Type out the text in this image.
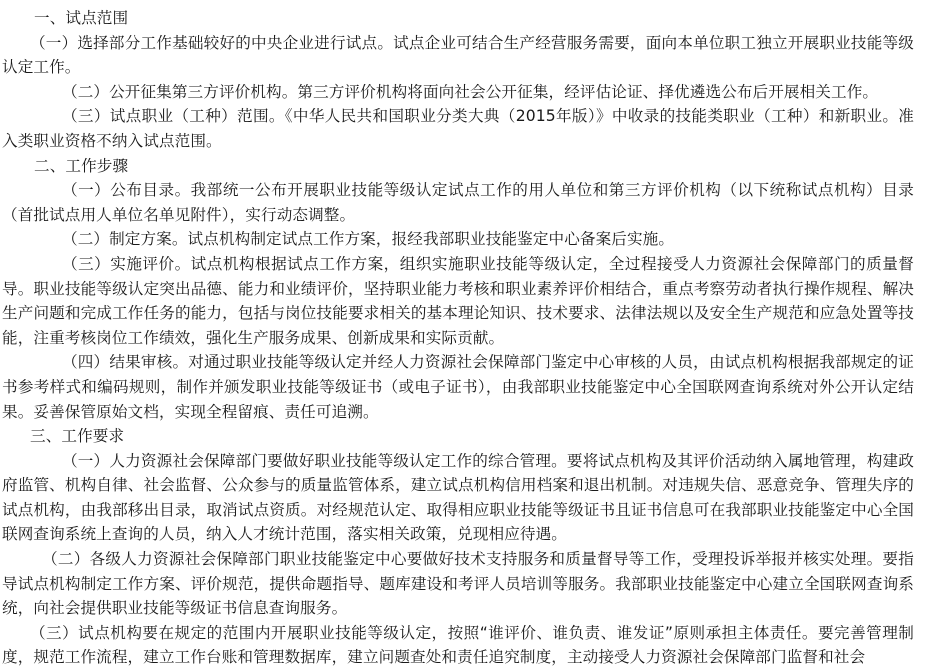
一、试点范围

（一）选择部分工作基础较好的中央企业进行试点。试点企业可结合生产经营服务需要，面向本单位职工独立开展职业技能等级认定工作。

（二）公开征集第三方评价机构。第三方评价机构将面向社会公开征集，经评估论证、择优遴选公布后开展相关工作。

（三）试点职业（工种）范围。《中华人民共和国职业分类大典（2015年版）》中收录的技能类职业（工种）和新职业。准入类职业资格不纳入试点范围。

二、工作步骤

（一）公布目录。我部统一公布开展职业技能等级认定试点工作的用人单位和第三方评价机构（以下统称试点机构）目录（首批试点用人单位名单见附件），实行动态调整。

（二）制定方案。试点机构制定试点工作方案，报经我部职业技能鉴定中心备案后实施。

（三）实施评价。试点机构根据试点工作方案，组织实施职业技能等级认定，全过程接受人力资源社会保障部门的质量督导。职业技能等级认定突出品德、能力和业绩评价，坚持职业能力考核和职业素养评价相结合，重点考察劳动者执行操作规程、解决生产问题和完成工作任务的能力，包括与岗位技能要求相关的基本理论知识、技术要求、法律法规以及安全生产规范和应急处置等技能，注重考核岗位工作绩效，强化生产服务成果、创新成果和实际贡献。

（四）结果审核。对通过职业技能等级认定并经人力资源社会保障部门鉴定中心审核的人员，由试点机构根据我部规定的证书参考样式和编码规则，制作并颁发职业技能等级证书（或电子证书），由我部职业技能鉴定中心全国联网查询系统对外公开认定结果。妥善保管原始文档，实现全程留痕、责任可追溯。

三、工作要求

（一）人力资源社会保障部门要做好职业技能等级认定工作的综合管理。要将试点机构及其评价活动纳入属地管理，构建政府监管、机构自律、社会监督、公众参与的质量监管体系，建立试点机构信用档案和退出机制。对违规失信、恶意竞争、管理失序的试点机构，由我部移出目录，取消试点资质。对经规范认定、取得相应职业技能等级证书且证书信息可在我部职业技能鉴定中心全国联网查询系统上查询的人员，纳入人才统计范围，落实相关政策，兑现相应待遇。

（二）各级人力资源社会保障部门职业技能鉴定中心要做好技术支持服务和质量督导等工作，受理投诉举报并核实处理。要指导试点机构制定工作方案、评价规范，提供命题指导、题库建设和考评人员培训等服务。我部职业技能鉴定中心建立全国联网查询系统，向社会提供职业技能等级证书信息查询服务。

（三）试点机构要在规定的范围内开展职业技能等级认定，按照“谁评价、谁负责、谁发证”原则承担主体责任。要完善管理制度，规范工作流程，建立工作台账和管理数据库，建立问题查处和责任追究制度，主动接受人力资源社会保障部门监督和社会
